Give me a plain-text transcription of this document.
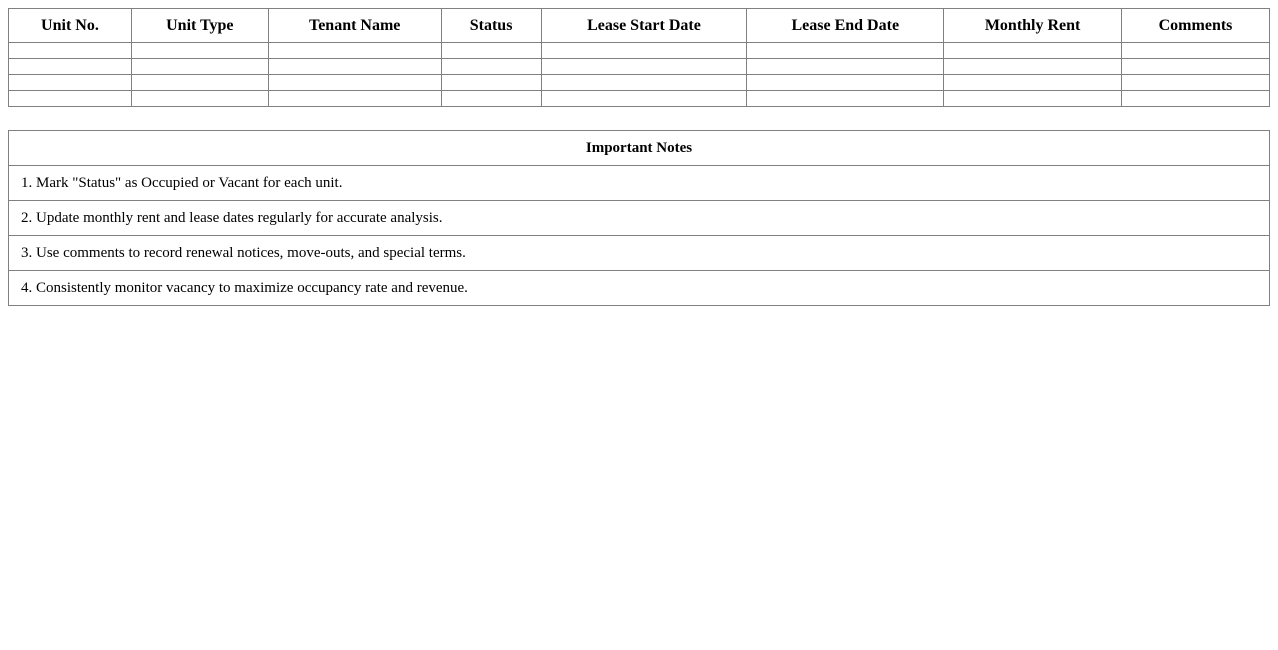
Unit No.	Unit Type	Tenant Name	Status	Lease Start Date	Lease End Date	Monthly Rent	Comments

Important Notes
1. Mark "Status" as Occupied or Vacant for each unit.
2. Update monthly rent and lease dates regularly for accurate analysis.
3. Use comments to record renewal notices, move-outs, and special terms.
4. Consistently monitor vacancy to maximize occupancy rate and revenue.
